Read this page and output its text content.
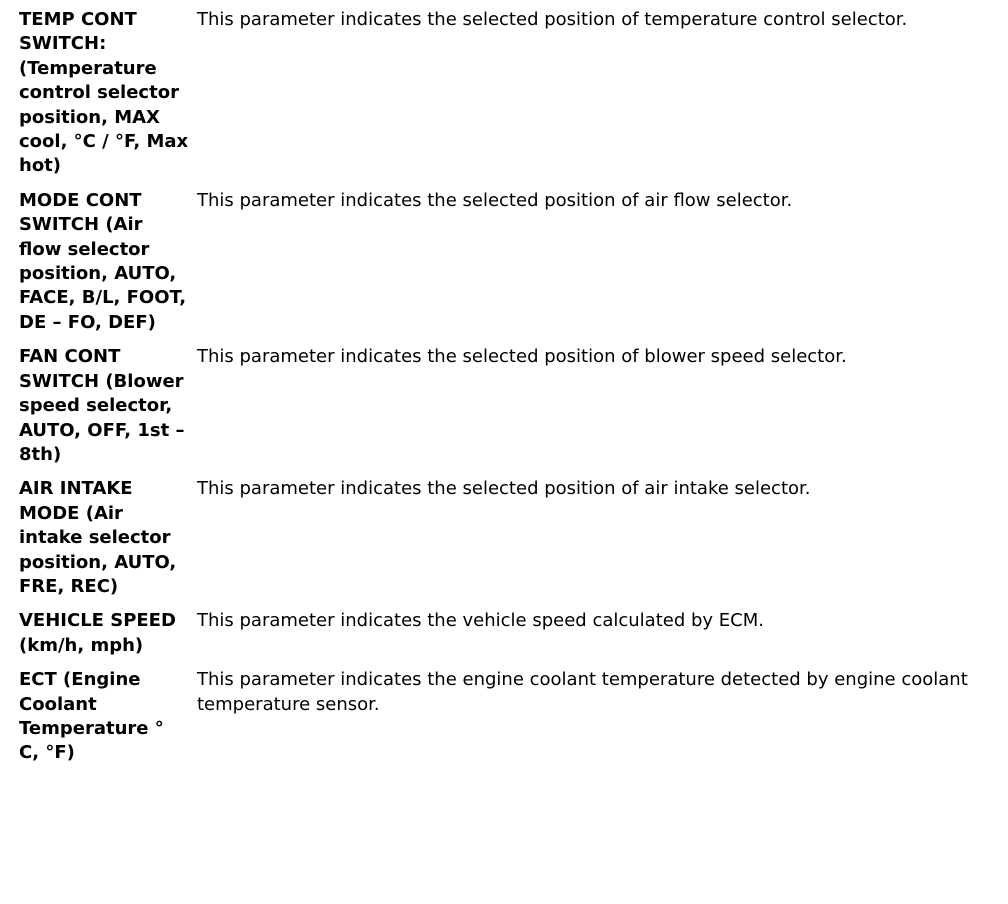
TEMP CONT SWITCH: (Temperature control selector position, MAX cool, °C / °F, Max hot)	This parameter indicates the selected position of temperature control selector.
MODE CONT SWITCH (Air flow selector position, AUTO, FACE, B/L, FOOT, DE – FO, DEF)	This parameter indicates the selected position of air flow selector.
FAN CONT SWITCH (Blower speed selector, AUTO, OFF, 1st – 8th)	This parameter indicates the selected position of blower speed selector.
AIR INTAKE MODE (Air intake selector position, AUTO, FRE, REC)	This parameter indicates the selected position of air intake selector.
VEHICLE SPEED (km/h, mph)	This parameter indicates the vehicle speed calculated by ECM.
ECT (Engine Coolant Temperature ° C, °F)	This parameter indicates the engine coolant temperature detected by engine coolant temperature sensor.
